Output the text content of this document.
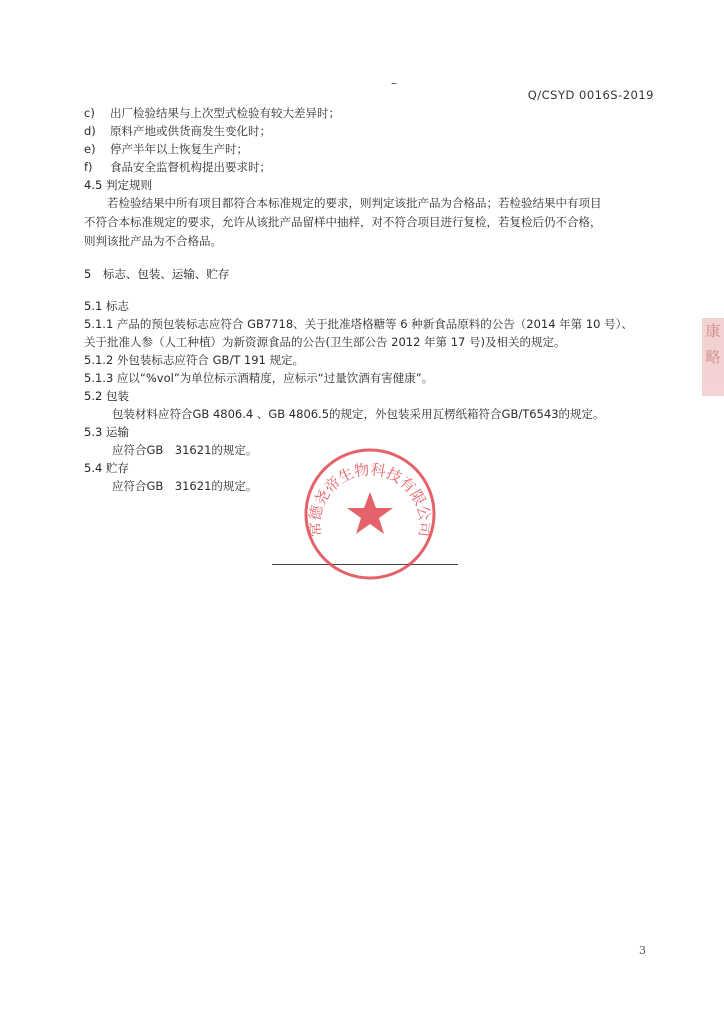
–
Q/CSYD 0016S-2019
c)	出厂检验结果与上次型式检验有较大差异时；
d)	原料产地或供货商发生变化时；
e)	停产半年以上恢复生产时；
f)	食品安全监督机构提出要求时；
4.5 判定规则
若检验结果中所有项目都符合本标准规定的要求，则判定该批产品为合格品；若检验结果中有项目
不符合本标准规定的要求，允许从该批产品留样中抽样，对不符合项目进行复检，若复检后仍不合格，
则判该批产品为不合格品。
5　标志、包装、运输、贮存
5.1 标志
5.1.1 产品的预包装标志应符合 GB7718、关于批准塔格糖等 6 种新食品原料的公告（2014 年第 10 号）、
关于批准人参（人工种植）为新资源食品的公告(卫生部公告 2012 年第 17 号)及相关的规定。
5.1.2 外包装标志应符合 GB/T 191 规定。
5.1.3 应以“%vol”为单位标示酒精度，应标示“过量饮酒有害健康”。
5.2 包装
包装材料应符合GB 4806.4 、GB 4806.5的规定，外包装采用瓦楞纸箱符合GB/T6543的规定。
5.3 运输
应符合GB　31621的规定。
5.4 贮存
应符合GB　31621的规定。
常德尧帝生物科技有限公司
康
略
3
